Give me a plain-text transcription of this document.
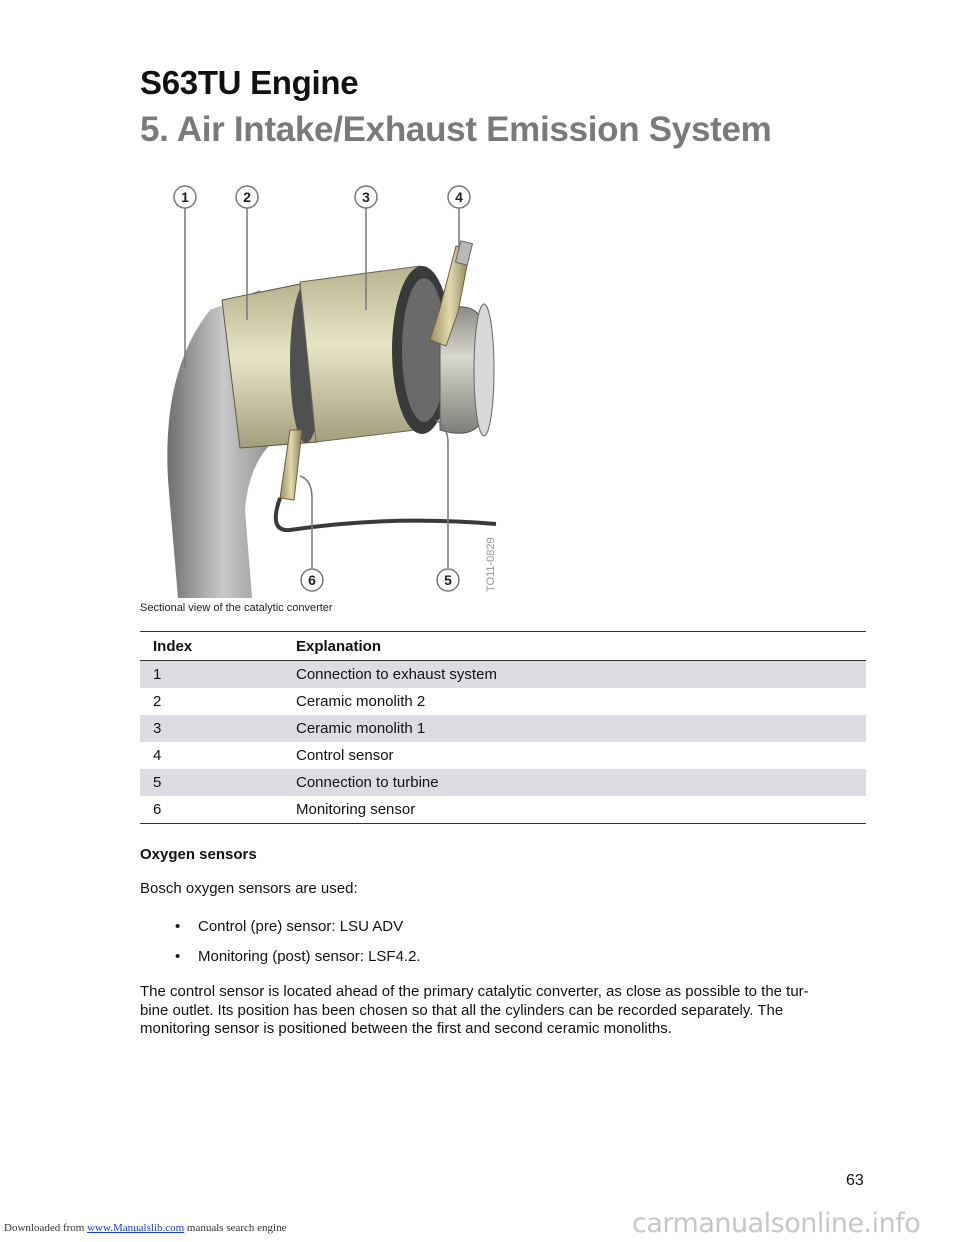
S63TU Engine
5. Air Intake/Exhaust Emission System
1	2	3	4
5
6	TO11-0829
Sectional view of the catalytic converter
Index	Explanation
1	Connection to exhaust system
2	Ceramic monolith 2
3	Ceramic monolith 1
4	Control sensor
5	Connection to turbine
6	Monitoring sensor
Oxygen sensors
Bosch oxygen sensors are used:
•	Control (pre) sensor: LSU ADV
•	Monitoring (post) sensor: LSF4.2.
The control sensor is located ahead of the primary catalytic converter, as close as possible to the tur-
bine outlet. Its position has been chosen so that all the cylinders can be recorded separately. The
monitoring sensor is positioned between the first and second ceramic monoliths.
63
Downloaded from www.Manualslib.com manuals search engine	carmanualsonline.info
